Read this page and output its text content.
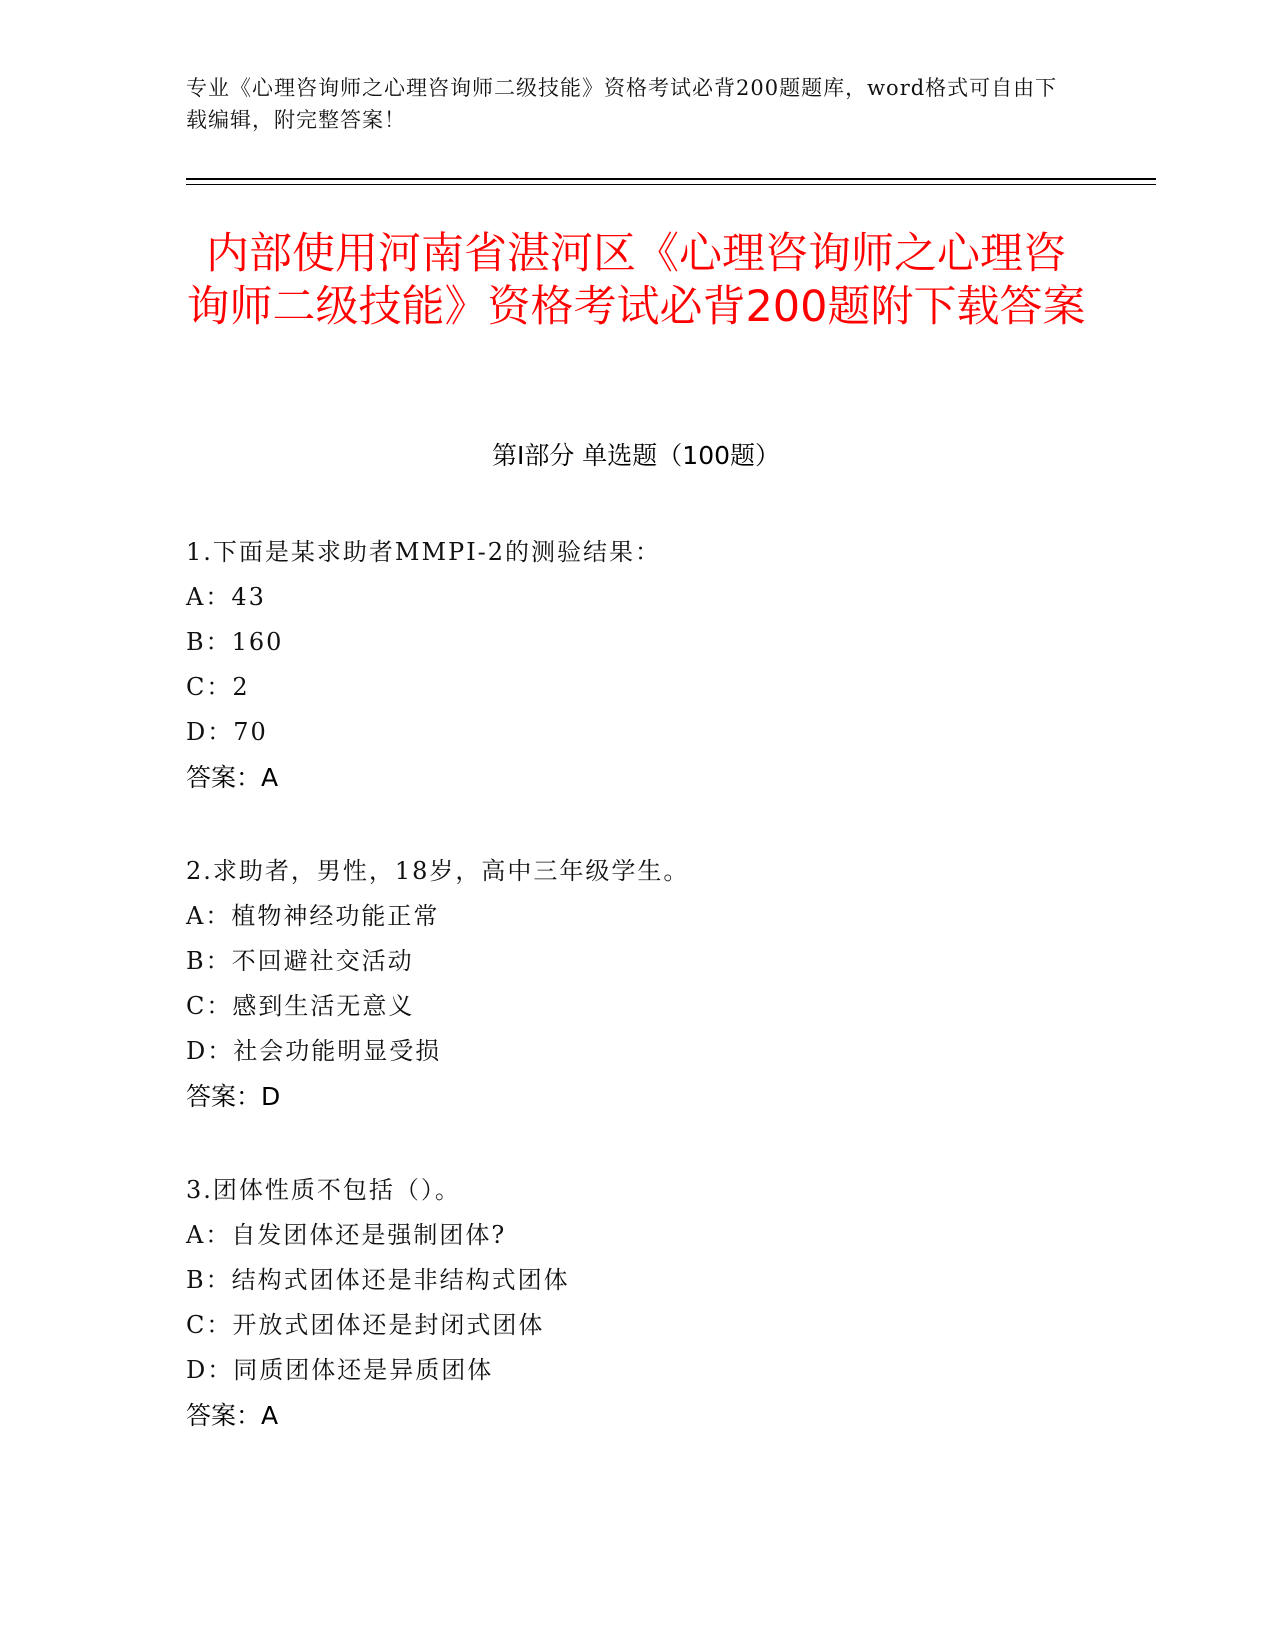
专业《心理咨询师之心理咨询师二级技能》资格考试必背200题题库，word格式可自由下载编辑，附完整答案！
内部使用河南省湛河区《心理咨询师之心理咨询师二级技能》资格考试必背200题附下载答案
第Ⅰ部分 单选题（100题）
1.下面是某求助者MMPI-2的测验结果：
A：43
B：160
C：2
D：70
答案：A
2.求助者，男性，18岁，高中三年级学生。
A：植物神经功能正常
B：不回避社交活动
C：感到生活无意义
D：社会功能明显受损
答案：D
3.团体性质不包括（）。
A：自发团体还是强制团体?
B：结构式团体还是非结构式团体
C：开放式团体还是封闭式团体
D：同质团体还是异质团体
答案：A
